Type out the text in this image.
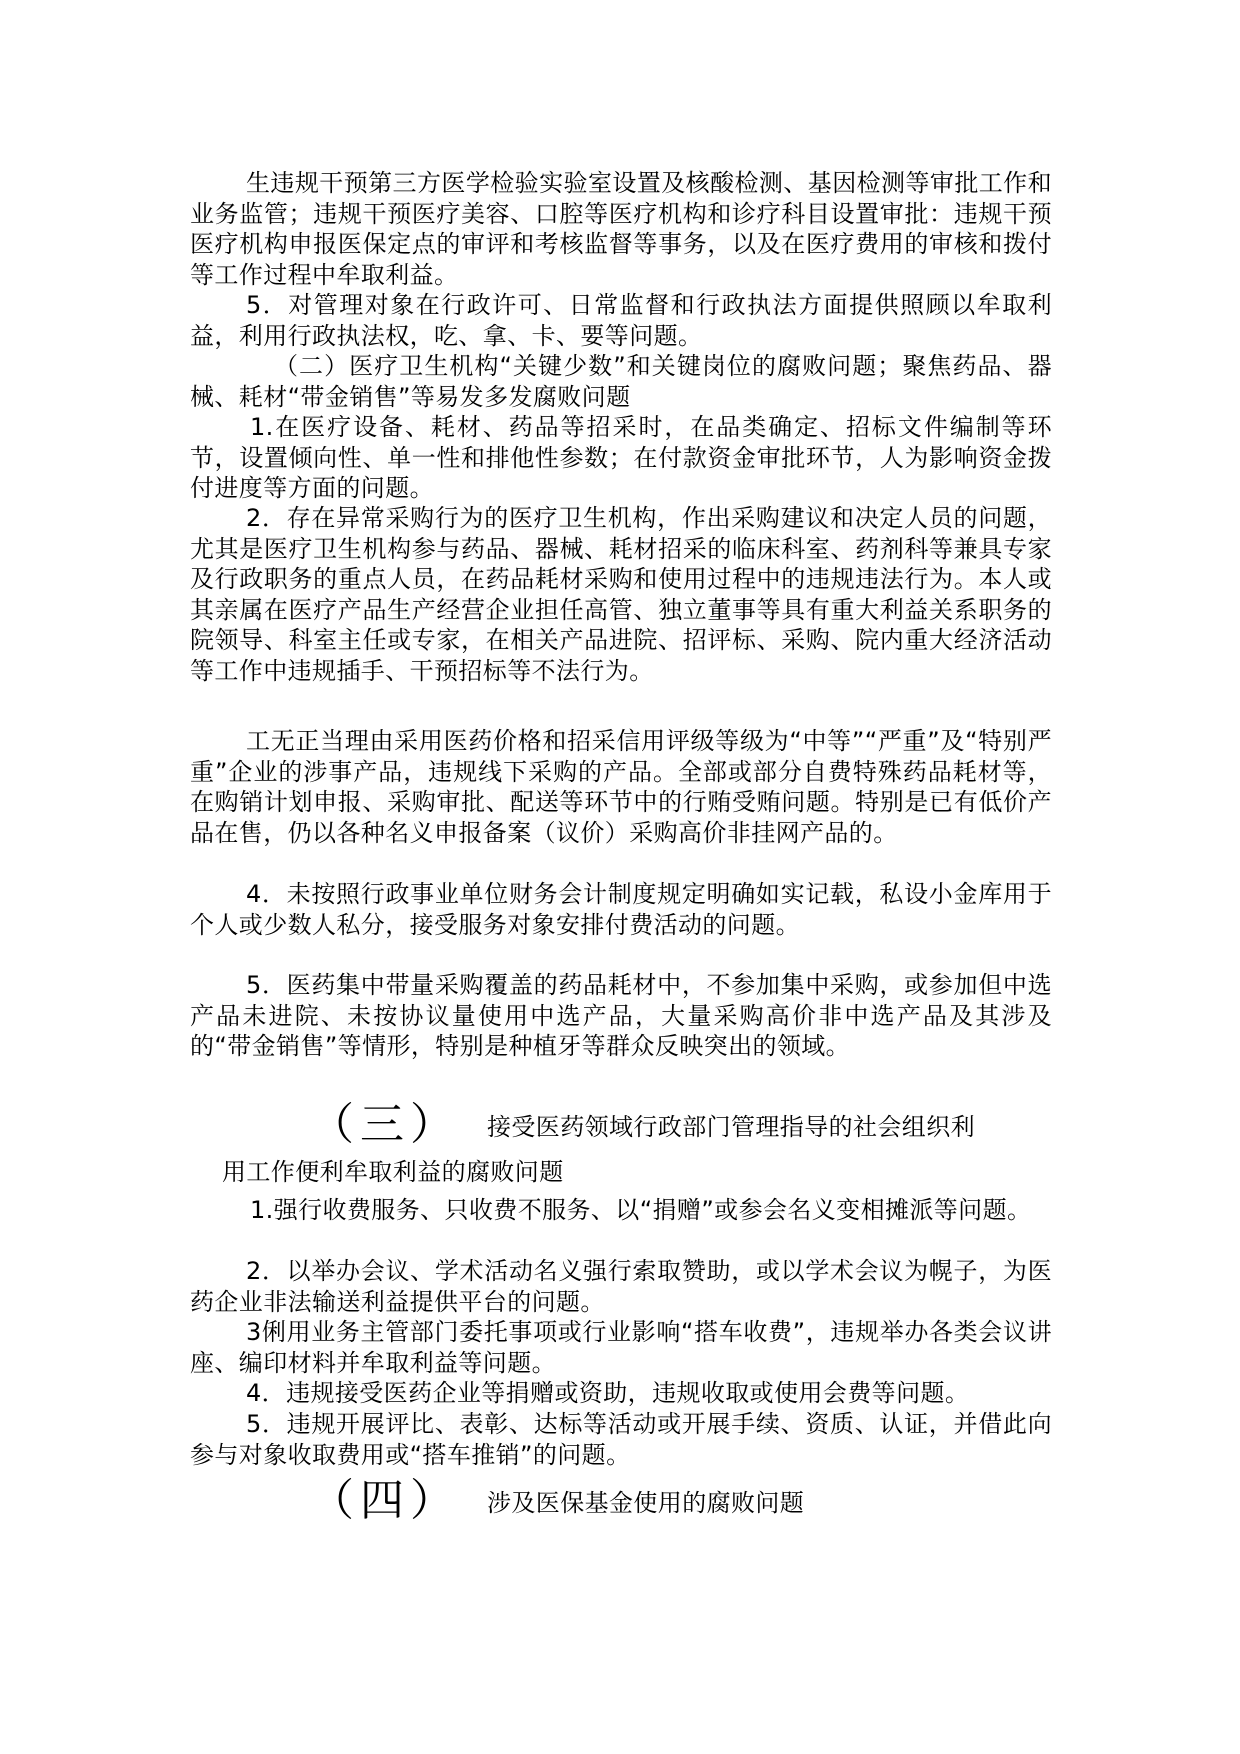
生违规干预第三方医学检验实验室设置及核酸检测、基因检测等审批工作和业务监管；违规干预医疗美容、口腔等医疗机构和诊疗科目设置审批：违规干预医疗机构申报医保定点的审评和考核监督等事务，以及在医疗费用的审核和拨付等工作过程中牟取利益。

5．对管理对象在行政许可、日常监督和行政执法方面提供照顾以牟取利益，利用行政执法权，吃、拿、卡、要等问题。

（二）医疗卫生机构“关键少数”和关键岗位的腐败问题；聚焦药品、器械、耗材“带金销售”等易发多发腐败问题

1.在医疗设备、耗材、药品等招采时，在品类确定、招标文件编制等环节，设置倾向性、单一性和排他性参数；在付款资金审批环节，人为影响资金拨付进度等方面的问题。

2．存在异常采购行为的医疗卫生机构，作出采购建议和决定人员的问题，尤其是医疗卫生机构参与药品、器械、耗材招采的临床科室、药剂科等兼具专家及行政职务的重点人员，在药品耗材采购和使用过程中的违规违法行为。本人或其亲属在医疗产品生产经营企业担任高管、独立董事等具有重大利益关系职务的院领导、科室主任或专家，在相关产品进院、招评标、采购、院内重大经济活动等工作中违规插手、干预招标等不法行为。

工无正当理由采用医药价格和招采信用评级等级为“中等”“严重”及“特别严重”企业的涉事产品，违规线下采购的产品。全部或部分自费特殊药品耗材等，在购销计划申报、采购审批、配送等环节中的行贿受贿问题。特别是已有低价产品在售，仍以各种名义申报备案（议价）采购高价非挂网产品的。

4．未按照行政事业单位财务会计制度规定明确如实记载，私设小金库用于个人或少数人私分，接受服务对象安排付费活动的问题。

5．医药集中带量采购覆盖的药品耗材中，不参加集中采购，或参加但中选产品未进院、未按协议量使用中选产品，大量采购高价非中选产品及其涉及的“带金销售”等情形，特别是种植牙等群众反映突出的领域。

（三） 接受医药领域行政部门管理指导的社会组织利
用工作便利牟取利益的腐败问题

1.强行收费服务、只收费不服务、以“捐赠”或参会名义变相摊派等问题。

2．以举办会议、学术活动名义强行索取赞助，或以学术会议为幌子，为医药企业非法输送利益提供平台的问题。

3俐用业务主管部门委托事项或行业影响“搭车收费”，违规举办各类会议讲座、编印材料并牟取利益等问题。

4．违规接受医药企业等捐赠或资助，违规收取或使用会费等问题。

5．违规开展评比、表彰、达标等活动或开展手续、资质、认证，并借此向参与对象收取费用或“搭车推销”的问题。

（四） 涉及医保基金使用的腐败问题
